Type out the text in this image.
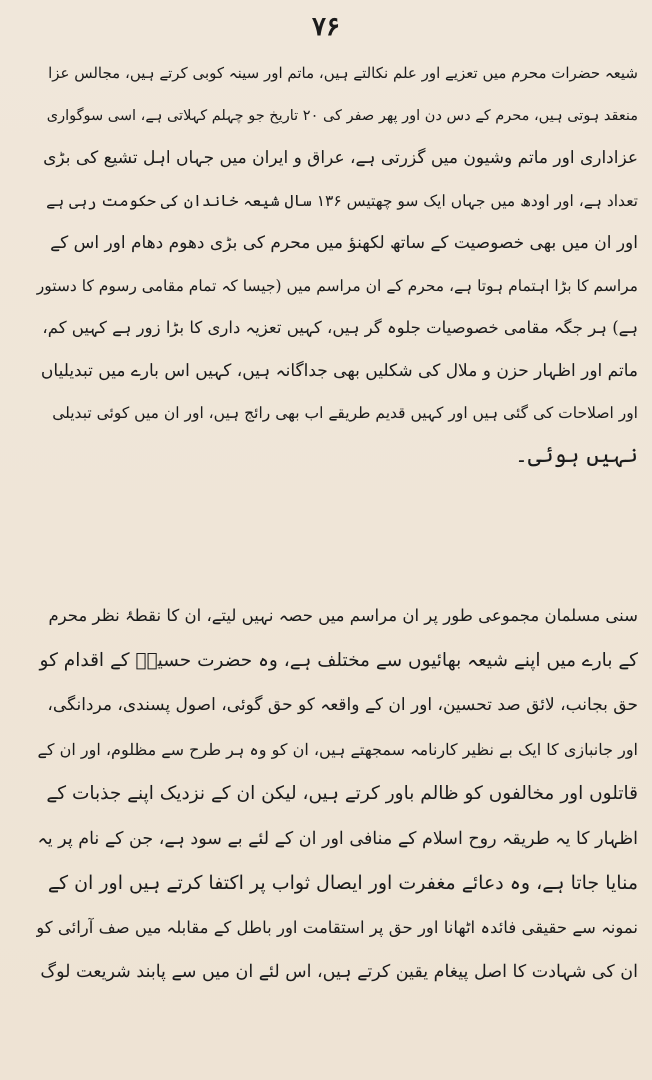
۷۶
شیعہ حضرات محرم میں تعزیے اور علم نکالتے ہیں، ماتم اور سینہ کوبی کرتے ہیں، مجالس عزا
منعقد ہوتی ہیں، محرم کے دس دن اور پھر صفر کی ۲۰ تاریخ جو چہلم کہلاتی ہے، اسی سوگواری
عزاداری اور ماتم وشیون میں گزرتی ہے، عراق و ایران میں جہاں اہل تشیع کی بڑی
تعداد ہے، اور اودھ میں جہاں ایک سو چھتیس ۱۳۶ سال شیعہ خاندان کی حکومت رہی ہے
اور ان میں بھی خصوصیت کے ساتھ لکھنؤ میں محرم کی بڑی دھوم دھام اور اس کے
مراسم کا بڑا اہتمام ہوتا ہے، محرم کے ان مراسم میں (جیسا کہ تمام مقامی رسوم کا دستور
ہے) ہر جگہ مقامی خصوصیات جلوہ گر ہیں، کہیں تعزیہ داری کا بڑا زور ہے کہیں کم،
ماتم اور اظہار حزن و ملال کی شکلیں بھی جداگانہ ہیں، کہیں اس بارے میں تبدیلیاں
اور اصلاحات کی گئی ہیں اور کہیں قدیم طریقے اب بھی رائج ہیں، اور ان میں کوئی تبدیلی
نہیں ہوئی۔
سنی مسلمان مجموعی طور پر ان مراسم میں حصہ نہیں لیتے، ان کا نقطۂ نظر محرم
کے بارے میں اپنے شیعہ بھائیوں سے مختلف ہے، وہ حضرت حسینؓ کے اقدام کو
حق بجانب، لائق صد تحسین، اور ان کے واقعہ کو حق گوئی، اصول پسندی، مردانگی،
اور جانبازی کا ایک بے نظیر کارنامہ سمجھتے ہیں، ان کو وہ ہر طرح سے مظلوم، اور ان کے
قاتلوں اور مخالفوں کو ظالم باور کرتے ہیں، لیکن ان کے نزدیک اپنے جذبات کے
اظہار کا یہ طریقہ روح اسلام کے منافی اور ان کے لئے بے سود ہے، جن کے نام پر یہ
منایا جاتا ہے، وہ دعائے مغفرت اور ایصال ثواب پر اکتفا کرتے ہیں اور ان کے
نمونہ سے حقیقی فائدہ اٹھانا اور حق پر استقامت اور باطل کے مقابلہ میں صف آرائی کو
ان کی شہادت کا اصل پیغام یقین کرتے ہیں، اس لئے ان میں سے پابند شریعت لوگ
